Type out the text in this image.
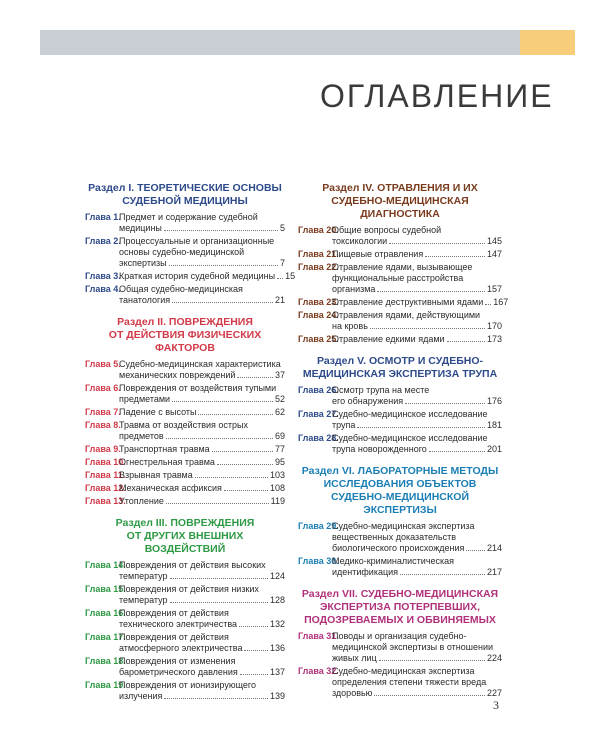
ОГЛАВЛЕНИЕ
Раздел I. ТЕОРЕТИЧЕСКИЕ ОСНОВЫ
СУДЕБНОЙ МЕДИЦИНЫ
Глава 1.
Предмет и содержание судебной
медицины	5
Глава 2.
Процессуальные и организационные
основы судебно-медицинской
экспертизы	7
Глава 3.
Краткая история судебной медицины 15
Глава 4.
Общая судебно-медицинская
танатология	21
Раздел II. ПОВРЕЖДЕНИЯ
ОТ ДЕЙСТВИЯ ФИЗИЧЕСКИХ ФАКТОРОВ
Глава 5.
Судебно-медицинская характеристика
механических повреждений	37
Глава 6.
Повреждения от воздействия тупыми
предметами	52
Глава 7.
Падение с высоты	62
Глава 8.
Травма от воздействия острых
предметов	69
Глава 9.
Транспортная травма	77
Глава 10.
Огнестрельная травма	95
Глава 11.
Взрывная травма	103
Глава 12.
Механическая асфиксия	108
Глава 13.
Утопление	119
Раздел III. ПОВРЕЖДЕНИЯ
ОТ ДРУГИХ ВНЕШНИХ
ВОЗДЕЙСТВИЙ
Глава 14.
Повреждения от действия высоких
температур	124
Глава 15.
Повреждения от действия низких
температур	128
Глава 16.
Повреждения от действия
технического электричества	132
Глава 17.
Повреждения от действия
атмосферного электричества	136
Глава 18.
Повреждения от изменения
барометрического давления	137
Глава 19.
Повреждения от ионизирующего
излучения	139
Раздел IV. ОТРАВЛЕНИЯ И ИХ
СУДЕБНО-МЕДИЦИНСКАЯ ДИАГНОСТИКА
Глава 20.
Общие вопросы судебной
токсикологии	145
Глава 21.
Пищевые отравления	147
Глава 22.
Отравление ядами, вызывающее
функциональные расстройства
организма	157
Глава 23.
Отравление деструктивными ядами 167
Глава 24.
Отравления ядами, действующими
на кровь	170
Глава 25.
Отравление едкими ядами	173
Раздел V. ОСМОТР И СУДЕБНО-
МЕДИЦИНСКАЯ ЭКСПЕРТИЗА ТРУПА
Глава 26.
Осмотр трупа на месте
его обнаружения	176
Глава 27.
Судебно-медицинское исследование
трупа	181
Глава 28.
Судебно-медицинское исследование
трупа новорожденного	201
Раздел VI. ЛАБОРАТОРНЫЕ МЕТОДЫ
ИССЛЕДОВАНИЯ ОБЪЕКТОВ
СУДЕБНО-МЕДИЦИНСКОЙ ЭКСПЕРТИЗЫ
Глава 29.
Судебно-медицинская экспертиза
вещественных доказательств
биологического происхождения	214
Глава 30.
Медико-криминалистическая
идентификация	217
Раздел VII. СУДЕБНО-МЕДИЦИНСКАЯ
ЭКСПЕРТИЗА ПОТЕРПЕВШИХ,
ПОДОЗРЕВАЕМЫХ И ОБВИНЯЕМЫХ
Глава 31.
Поводы и организация судебно-
медицинской экспертизы в отношении
живых лиц	224
Глава 32.
Судебно-медицинская экспертиза
определения степени тяжести вреда
здоровью	227
3
